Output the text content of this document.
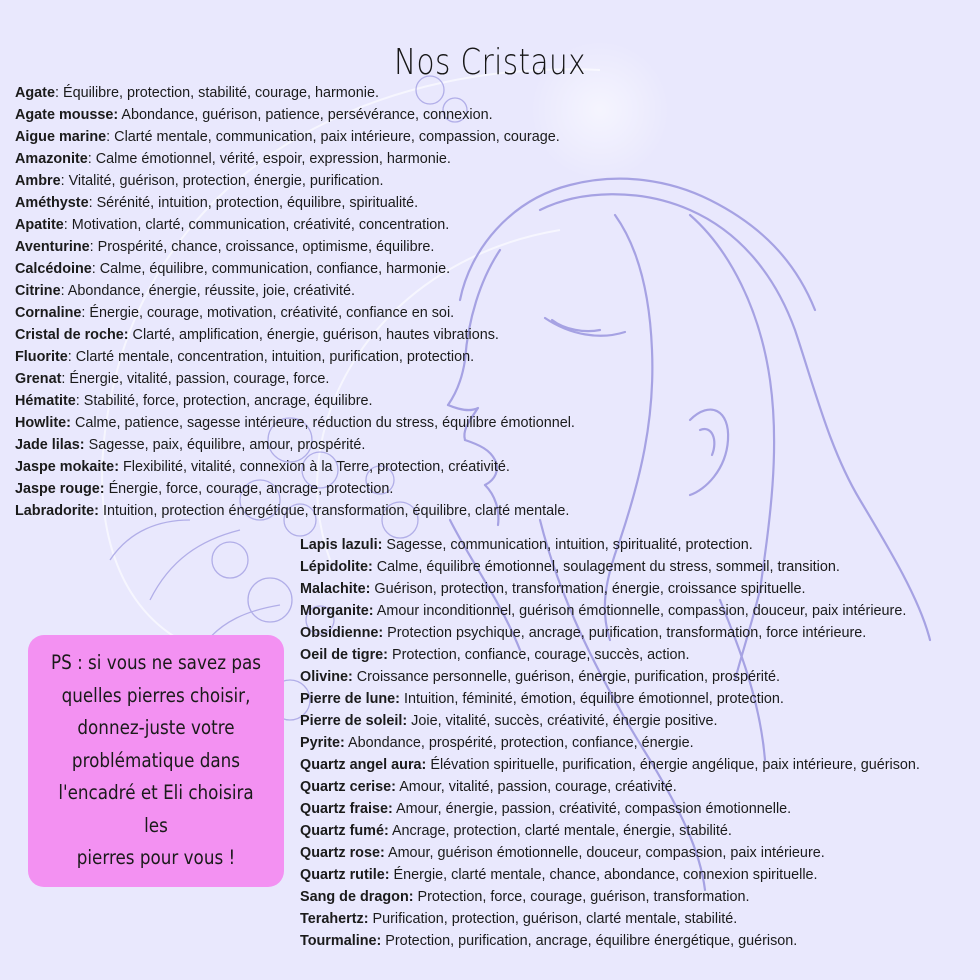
Nos Cristaux
Agate: Équilibre, protection, stabilité, courage, harmonie.
Agate mousse: Abondance, guérison, patience, persévérance, connexion.
Aigue marine: Clarté mentale, communication, paix intérieure, compassion, courage.
Amazonite: Calme émotionnel, vérité, espoir, expression, harmonie.
Ambre: Vitalité, guérison, protection, énergie, purification.
Améthyste: Sérénité, intuition, protection, équilibre, spiritualité.
Apatite: Motivation, clarté, communication, créativité, concentration.
Aventurine: Prospérité, chance, croissance, optimisme, équilibre.
Calcédoine: Calme, équilibre, communication, confiance, harmonie.
Citrine: Abondance, énergie, réussite, joie, créativité.
Cornaline: Énergie, courage, motivation, créativité, confiance en soi.
Cristal de roche: Clarté, amplification, énergie, guérison, hautes vibrations.
Fluorite: Clarté mentale, concentration, intuition, purification, protection.
Grenat: Énergie, vitalité, passion, courage, force.
Hématite: Stabilité, force, protection, ancrage, équilibre.
Howlite: Calme, patience, sagesse intérieure, réduction du stress, équilibre émotionnel.
Jade lilas: Sagesse, paix, équilibre, amour, prospérité.
Jaspe mokaite: Flexibilité, vitalité, connexion à la Terre, protection, créativité.
Jaspe rouge: Énergie, force, courage, ancrage, protection.
Labradorite: Intuition, protection énergétique, transformation, équilibre, clarté mentale.
Lapis lazuli: Sagesse, communication, intuition, spiritualité, protection.
Lépidolite: Calme, équilibre émotionnel, soulagement du stress, sommeil, transition.
Malachite: Guérison, protection, transformation, énergie, croissance spirituelle.
Morganite: Amour inconditionnel, guérison émotionnelle, compassion, douceur, paix intérieure.
Obsidienne: Protection psychique, ancrage, purification, transformation, force intérieure.
Oeil de tigre: Protection, confiance, courage, succès, action.
Olivine: Croissance personnelle, guérison, énergie, purification, prospérité.
Pierre de lune: Intuition, féminité, émotion, équilibre émotionnel, protection.
Pierre de soleil: Joie, vitalité, succès, créativité, énergie positive.
Pyrite: Abondance, prospérité, protection, confiance, énergie.
Quartz angel aura: Élévation spirituelle, purification, énergie angélique, paix intérieure, guérison.
Quartz cerise: Amour, vitalité, passion, courage, créativité.
Quartz fraise: Amour, énergie, passion, créativité, compassion émotionnelle.
Quartz fumé: Ancrage, protection, clarté mentale, énergie, stabilité.
Quartz rose: Amour, guérison émotionnelle, douceur, compassion, paix intérieure.
Quartz rutile: Énergie, clarté mentale, chance, abondance, connexion spirituelle.
Sang de dragon: Protection, force, courage, guérison, transformation.
Terahertz: Purification, protection, guérison, clarté mentale, stabilité.
Tourmaline: Protection, purification, ancrage, équilibre énergétique, guérison.

PS : si vous ne savez pas
quelles pierres choisir,
donnez-juste votre
problématique dans
l'encadré et Eli choisira les
pierres pour vous !
